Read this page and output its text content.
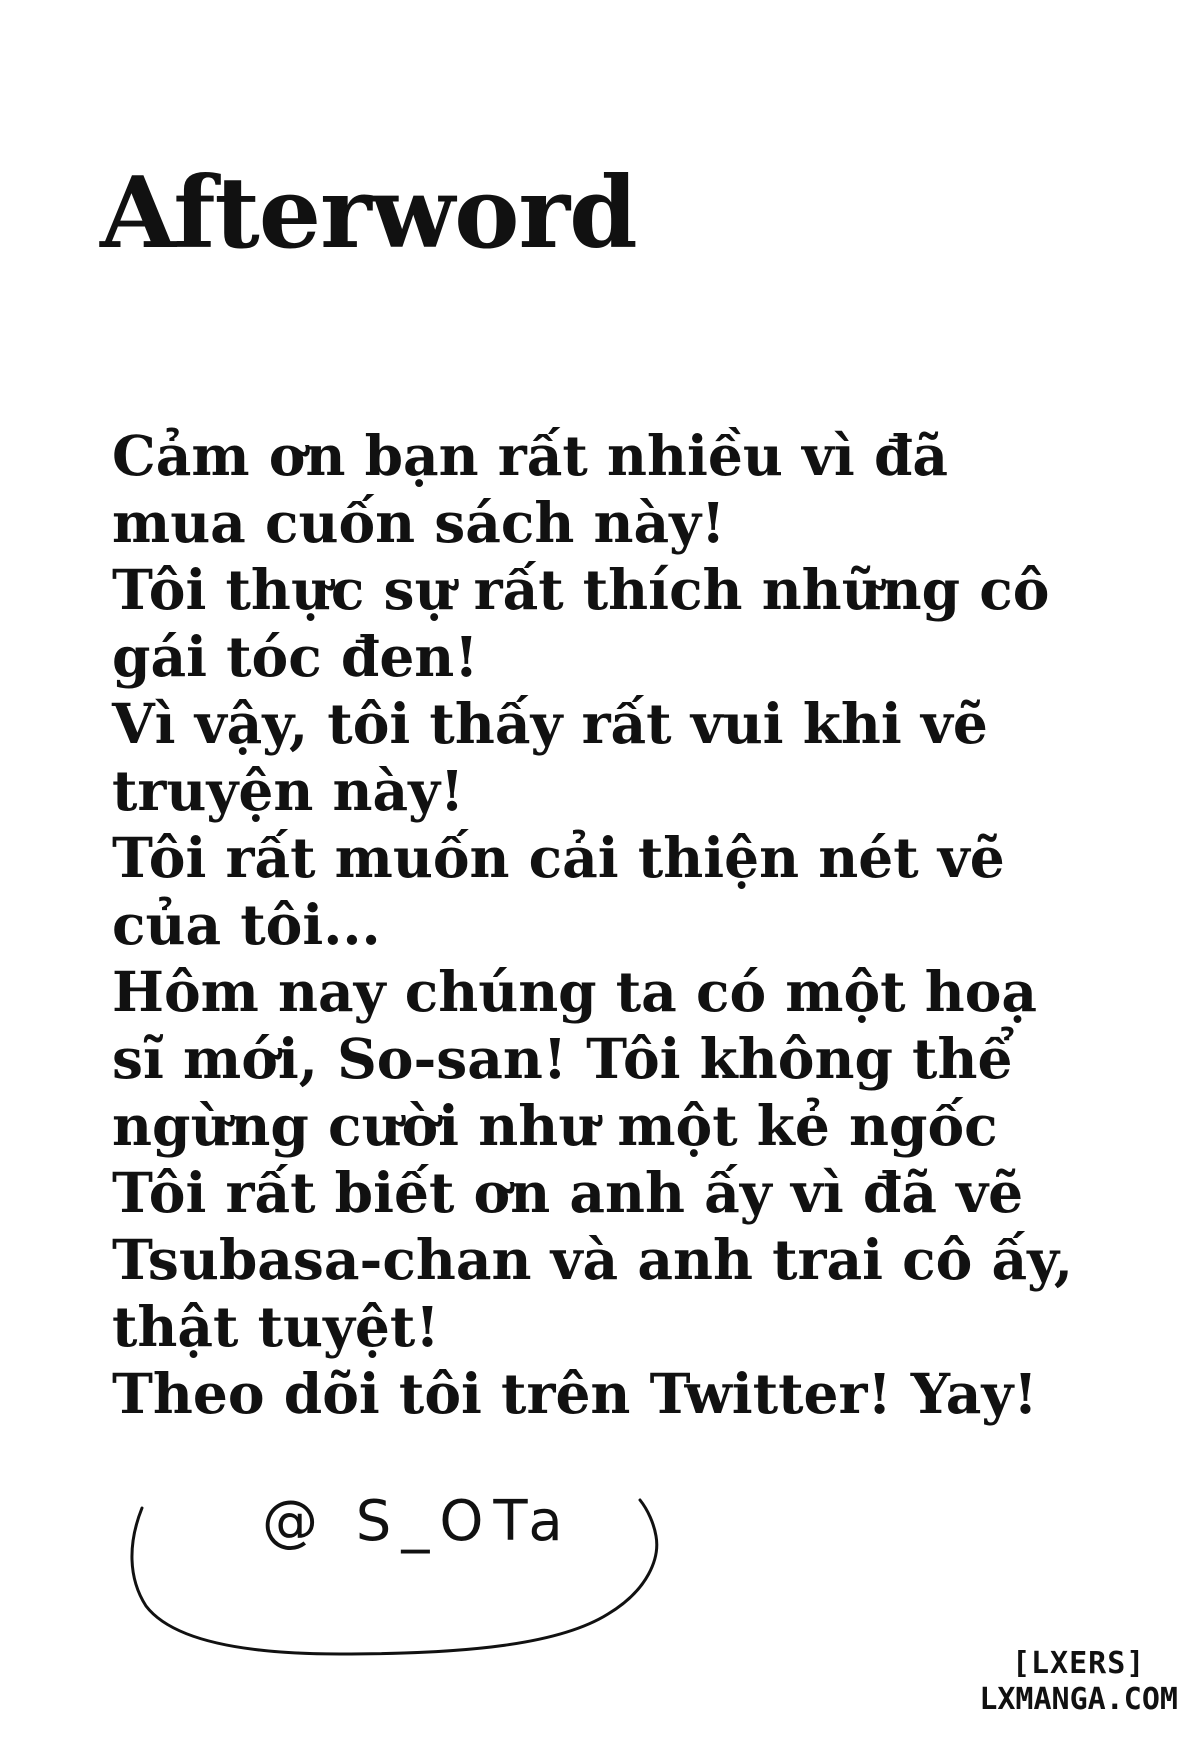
Afterword
Cảm ơn bạn rất nhiều vì đã
mua cuốn sách này!
Tôi thực sự rất thích những cô
gái tóc đen!
Vì vậy, tôi thấy rất vui khi vẽ
truyện này!
Tôi rất muốn cải thiện nét vẽ
của tôi...
Hôm nay chúng ta có một hoạ
sĩ mới, So-san! Tôi không thể
ngừng cười như một kẻ ngốc
Tôi rất biết ơn anh ấy vì đã vẽ
Tsubasa-chan và anh trai cô ấy,
thật tuyệt!
Theo dõi tôi trên Twitter! Yay!
@ S_OTa
[LXERS]
LXMANGA.COM
